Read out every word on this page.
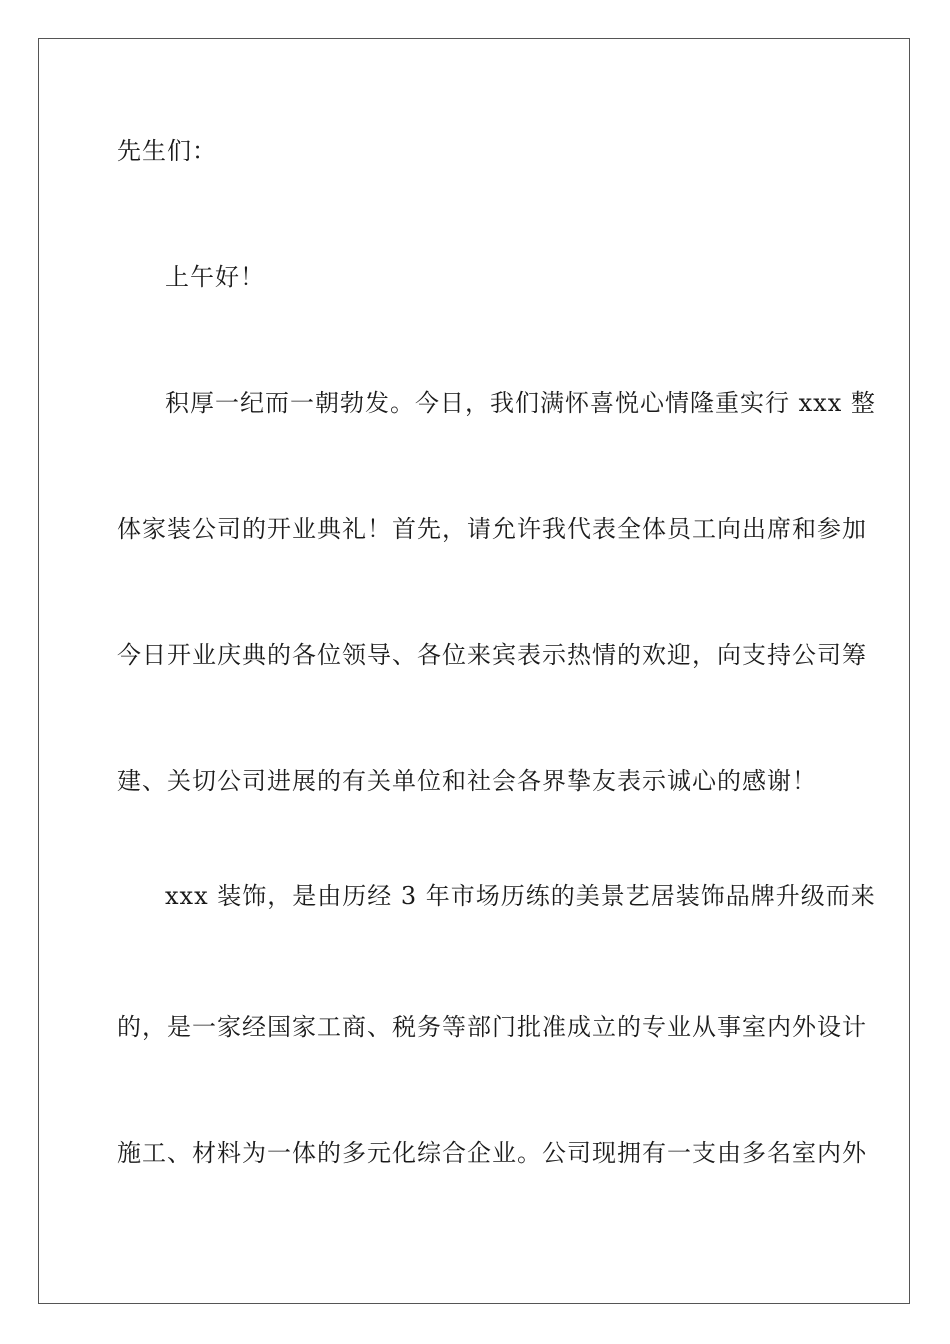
先生们：
上午好！
积厚一纪而一朝勃发。今日，我们满怀喜悦心情隆重实行 xxx 整
体家装公司的开业典礼！首先，请允许我代表全体员工向出席和参加
今日开业庆典的各位领导、各位来宾表示热情的欢迎，向支持公司筹
建、关切公司进展的有关单位和社会各界挚友表示诚心的感谢！
xxx 装饰，是由历经 3 年市场历练的美景艺居装饰品牌升级而来
的，是一家经国家工商、税务等部门批准成立的专业从事室内外设计
施工、材料为一体的多元化综合企业。公司现拥有一支由多名室内外
